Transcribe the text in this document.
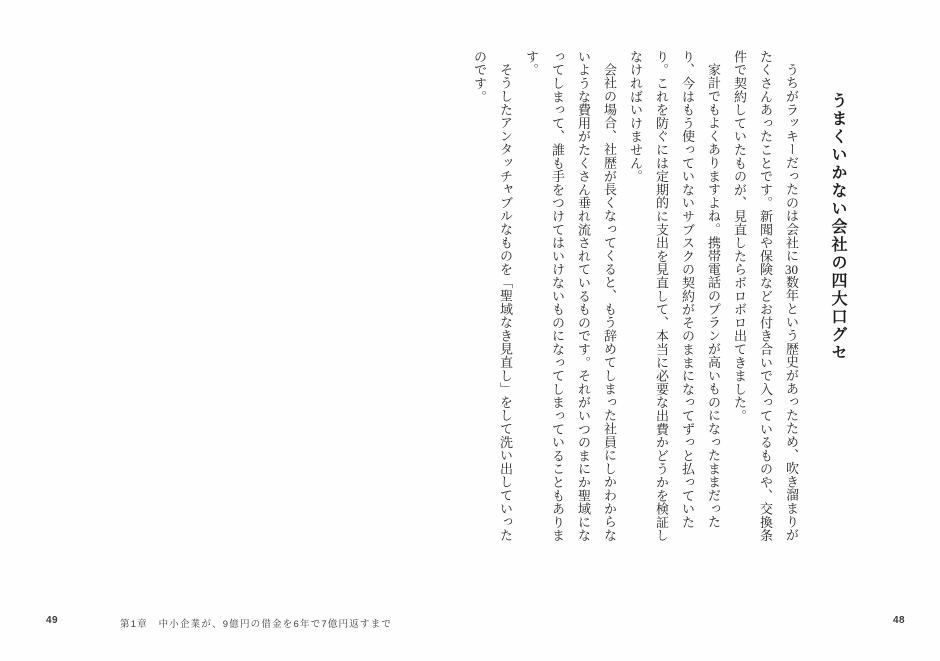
うまくいかない会社の四大口グセ

うちがラッキーだったのは会社に30数年という歴史があったため、吹き溜まりがたくさんあったことです。新聞や保険などお付き合いで入っているものや、交換条件で契約していたものが、見直したらボロボロ出てきました。

家計でもよくありますよね。携帯電話のプランが高いものになったままだったり、今はもう使っていないサブスクの契約がそのままになってずっと払っていたり。これを防ぐには定期的に支出を見直して、本当に必要な出費かどうかを検証しなければいけません。

会社の場合、社歴が長くなってくると、もう辞めてしまった社員にしかわからないような費用がたくさん垂れ流されているものです。それがいつのまにか聖域になってしまって、誰も手をつけてはいけないものになってしまっていることもあります。

そうしたアンタッチャブルなものを「聖域なき見直し」をして洗い出していったのです。

49	第1章　中小企業が、9億円の借金を6年で7億円返すまで	48
